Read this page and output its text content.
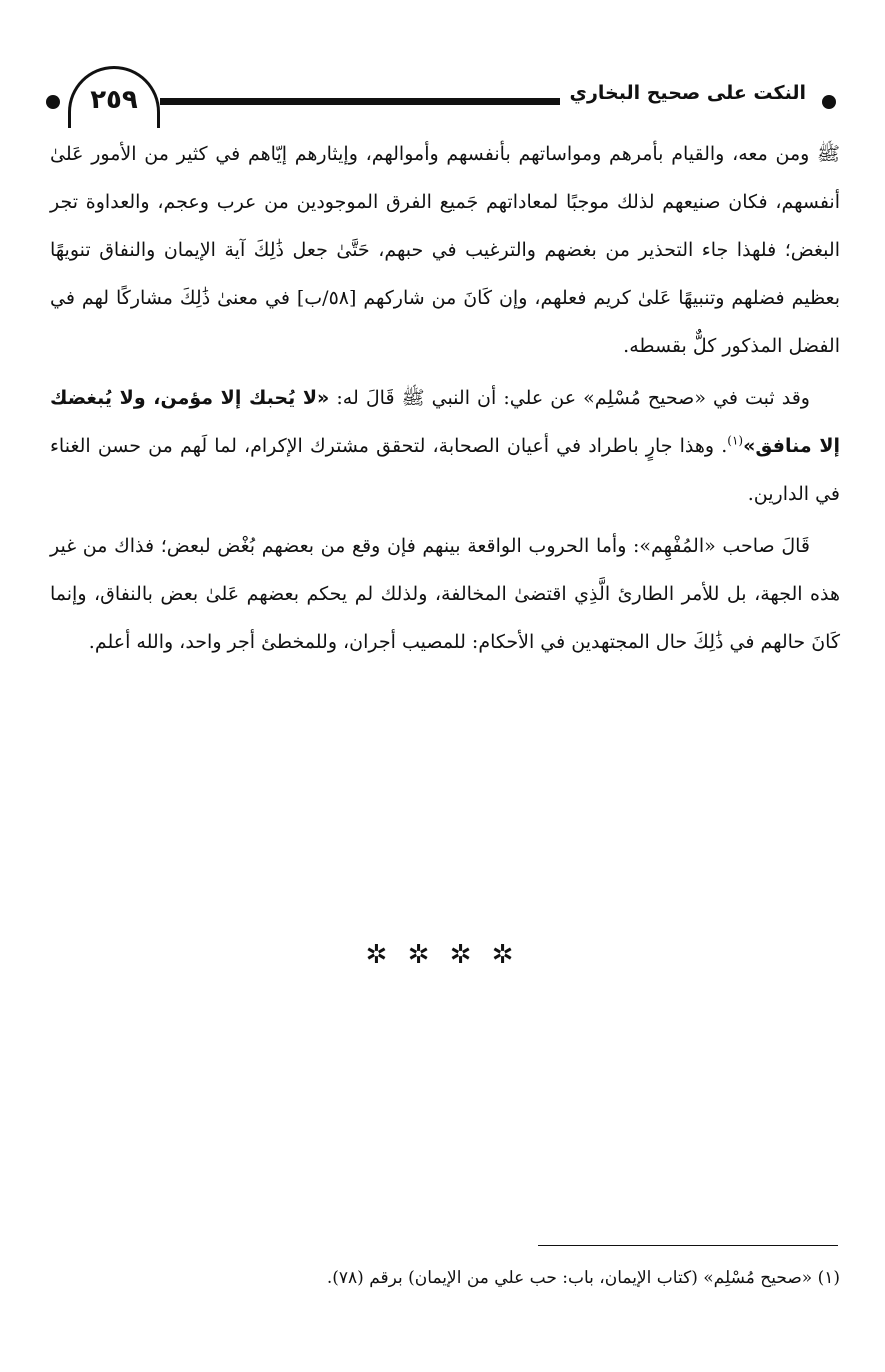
٢٥٩	النكت على صحيح البخاري

ﷺ ومن معه، والقيام بأمرهم ومواساتهم بأنفسهم وأموالهم، وإيثارهم إيّاهم في كثير من الأمور عَلىٰ أنفسهم، فكان صنيعهم لذلك موجبًا لمعاداتهم جَميع الفرق الموجودين من عرب وعجم، والعداوة تجر البغض؛ فلهذا جاء التحذير من بغضهم والترغيب في حبهم، حَتَّىٰ جعل ذَٰلِكَ آية الإيمان والنفاق تنويهًا بعظيم فضلهم وتنبيهًا عَلىٰ كريم فعلهم، وإن كَانَ من شاركهم [٥٨/ب] في معنىٰ ذَٰلِكَ مشاركًا لهم في الفضل المذكور كلٌّ بقسطه.

وقد ثبت في «صحيح مُسْلِم» عن علي: أن النبي ﷺ قَالَ له: «لا يُحبك إلا مؤمن، ولا يُبغضك إلا منافق»$^{(١)}$. وهذا جارٍ باطراد في أعيان الصحابة، لتحقق مشترك الإكرام، لما لَهم من حسن الغناء في الدارين.

قَالَ صاحب «المُفْهِم»: وأما الحروب الواقعة بينهم فإن وقع من بعضهم بُغْض لبعض؛ فذاك من غير هذه الجهة، بل للأمر الطارئ الَّذِي اقتضىٰ المخالفة، ولذلك لم يحكم بعضهم عَلىٰ بعض بالنفاق، وإنما كَانَ حالهم في ذَٰلِكَ حال المجتهدين في الأحكام: للمصيب أجران، وللمخطئ أجر واحد، والله أعلم.

✲ ✲ ✲ ✲
(١) «صحيح مُسْلِم» (كتاب الإيمان، باب: حب علي من الإيمان) برقم (٧٨).
